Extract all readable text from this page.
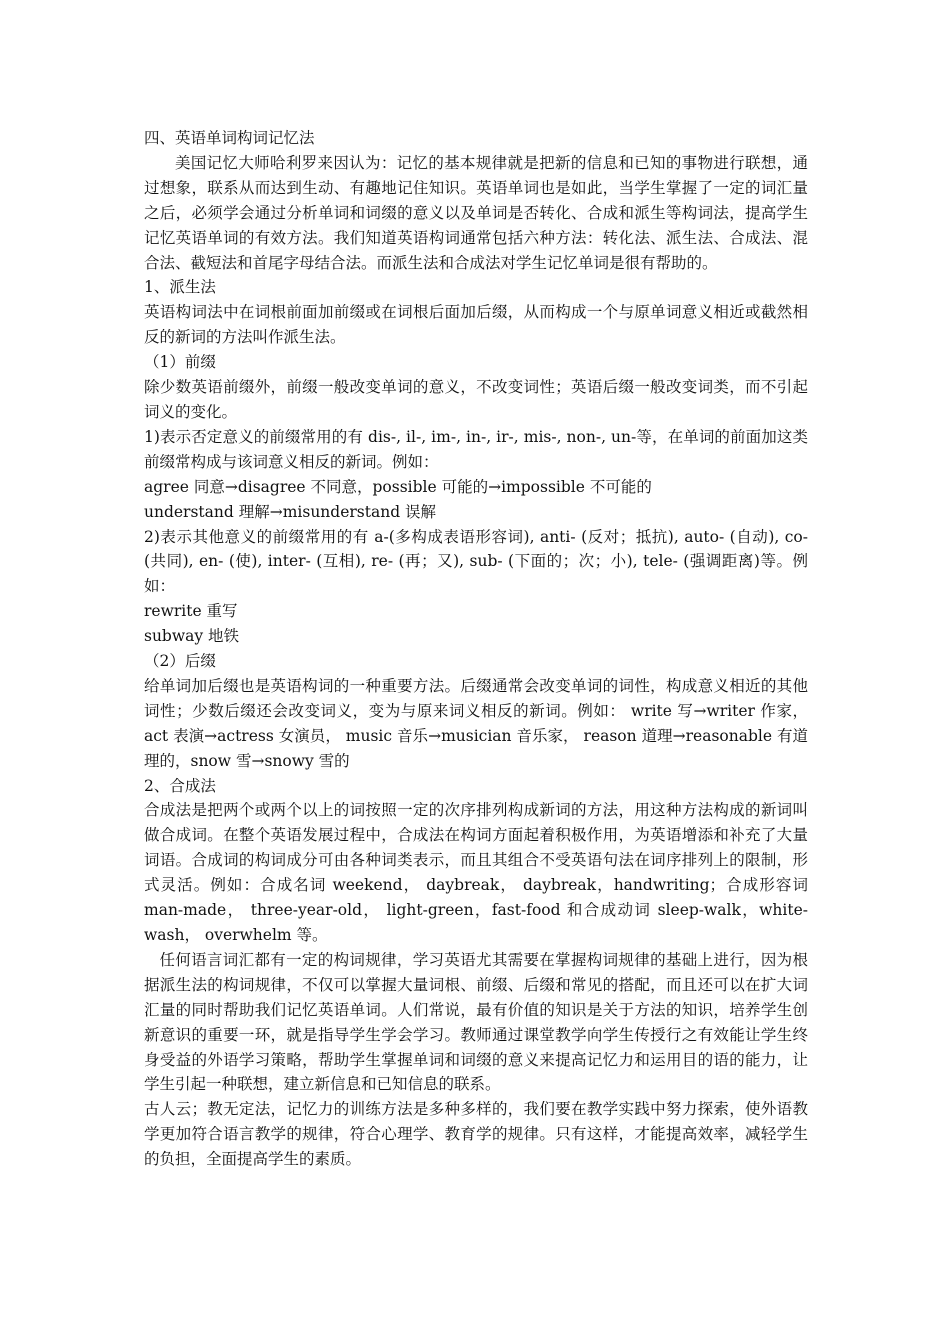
四、英语单词构词记忆法

美国记忆大师哈利罗来因认为：记忆的基本规律就是把新的信息和已知的事物进行联想，通过想象，联系从而达到生动、有趣地记住知识。英语单词也是如此，当学生掌握了一定的词汇量之后，必须学会通过分析单词和词缀的意义以及单词是否转化、合成和派生等构词法，提高学生记忆英语单词的有效方法。我们知道英语构词通常包括六种方法：转化法、派生法、合成法、混合法、截短法和首尾字母结合法。而派生法和合成法对学生记忆单词是很有帮助的。

1、派生法

英语构词法中在词根前面加前缀或在词根后面加后缀，从而构成一个与原单词意义相近或截然相反的新词的方法叫作派生法。

（1）前缀

除少数英语前缀外，前缀一般改变单词的意义，不改变词性；英语后缀一般改变词类，而不引起词义的变化。

1)表示否定意义的前缀常用的有 dis-, il-, im-, in-, ir-, mis-, non-, un-等，在单词的前面加这类前缀常构成与该词意义相反的新词。例如：

agree 同意→disagree 不同意，possible 可能的→impossible 不可能的

understand 理解→misunderstand 误解

2)表示其他意义的前缀常用的有 a-(多构成表语形容词), anti- (反对；抵抗), auto- (自动), co- (共同), en- (使), inter- (互相), re- (再；又), sub- (下面的；次；小), tele- (强调距离)等。例如：

rewrite 重写

subway 地铁

（2）后缀

给单词加后缀也是英语构词的一种重要方法。后缀通常会改变单词的词性，构成意义相近的其他词性；少数后缀还会改变词义，变为与原来词义相反的新词。例如： write 写→writer 作家， act 表演→actress 女演员， music 音乐→musician 音乐家， reason 道理→reasonable 有道理的，snow 雪→snowy 雪的

2、合成法

合成法是把两个或两个以上的词按照一定的次序排列构成新词的方法，用这种方法构成的新词叫做合成词。在整个英语发展过程中，合成法在构词方面起着积极作用，为英语增添和补充了大量词语。合成词的构词成分可由各种词类表示，而且其组合不受英语句法在词序排列上的限制，形式灵活。例如：合成名词 weekend， daybreak， daybreak，handwriting；合成形容词 man-made， three-year-old， light-green，fast-food 和合成动词 sleep-walk，white-wash， overwhelm 等。

任何语言词汇都有一定的构词规律，学习英语尤其需要在掌握构词规律的基础上进行，因为根据派生法的构词规律，不仅可以掌握大量词根、前缀、后缀和常见的搭配，而且还可以在扩大词汇量的同时帮助我们记忆英语单词。人们常说，最有价值的知识是关于方法的知识，培养学生创新意识的重要一环，就是指导学生学会学习。教师通过课堂教学向学生传授行之有效能让学生终身受益的外语学习策略，帮助学生掌握单词和词缀的意义来提高记忆力和运用目的语的能力，让学生引起一种联想，建立新信息和已知信息的联系。

古人云；教无定法，记忆力的训练方法是多种多样的，我们要在教学实践中努力探索，使外语教学更加符合语言教学的规律，符合心理学、教育学的规律。只有这样，才能提高效率，减轻学生的负担，全面提高学生的素质。
